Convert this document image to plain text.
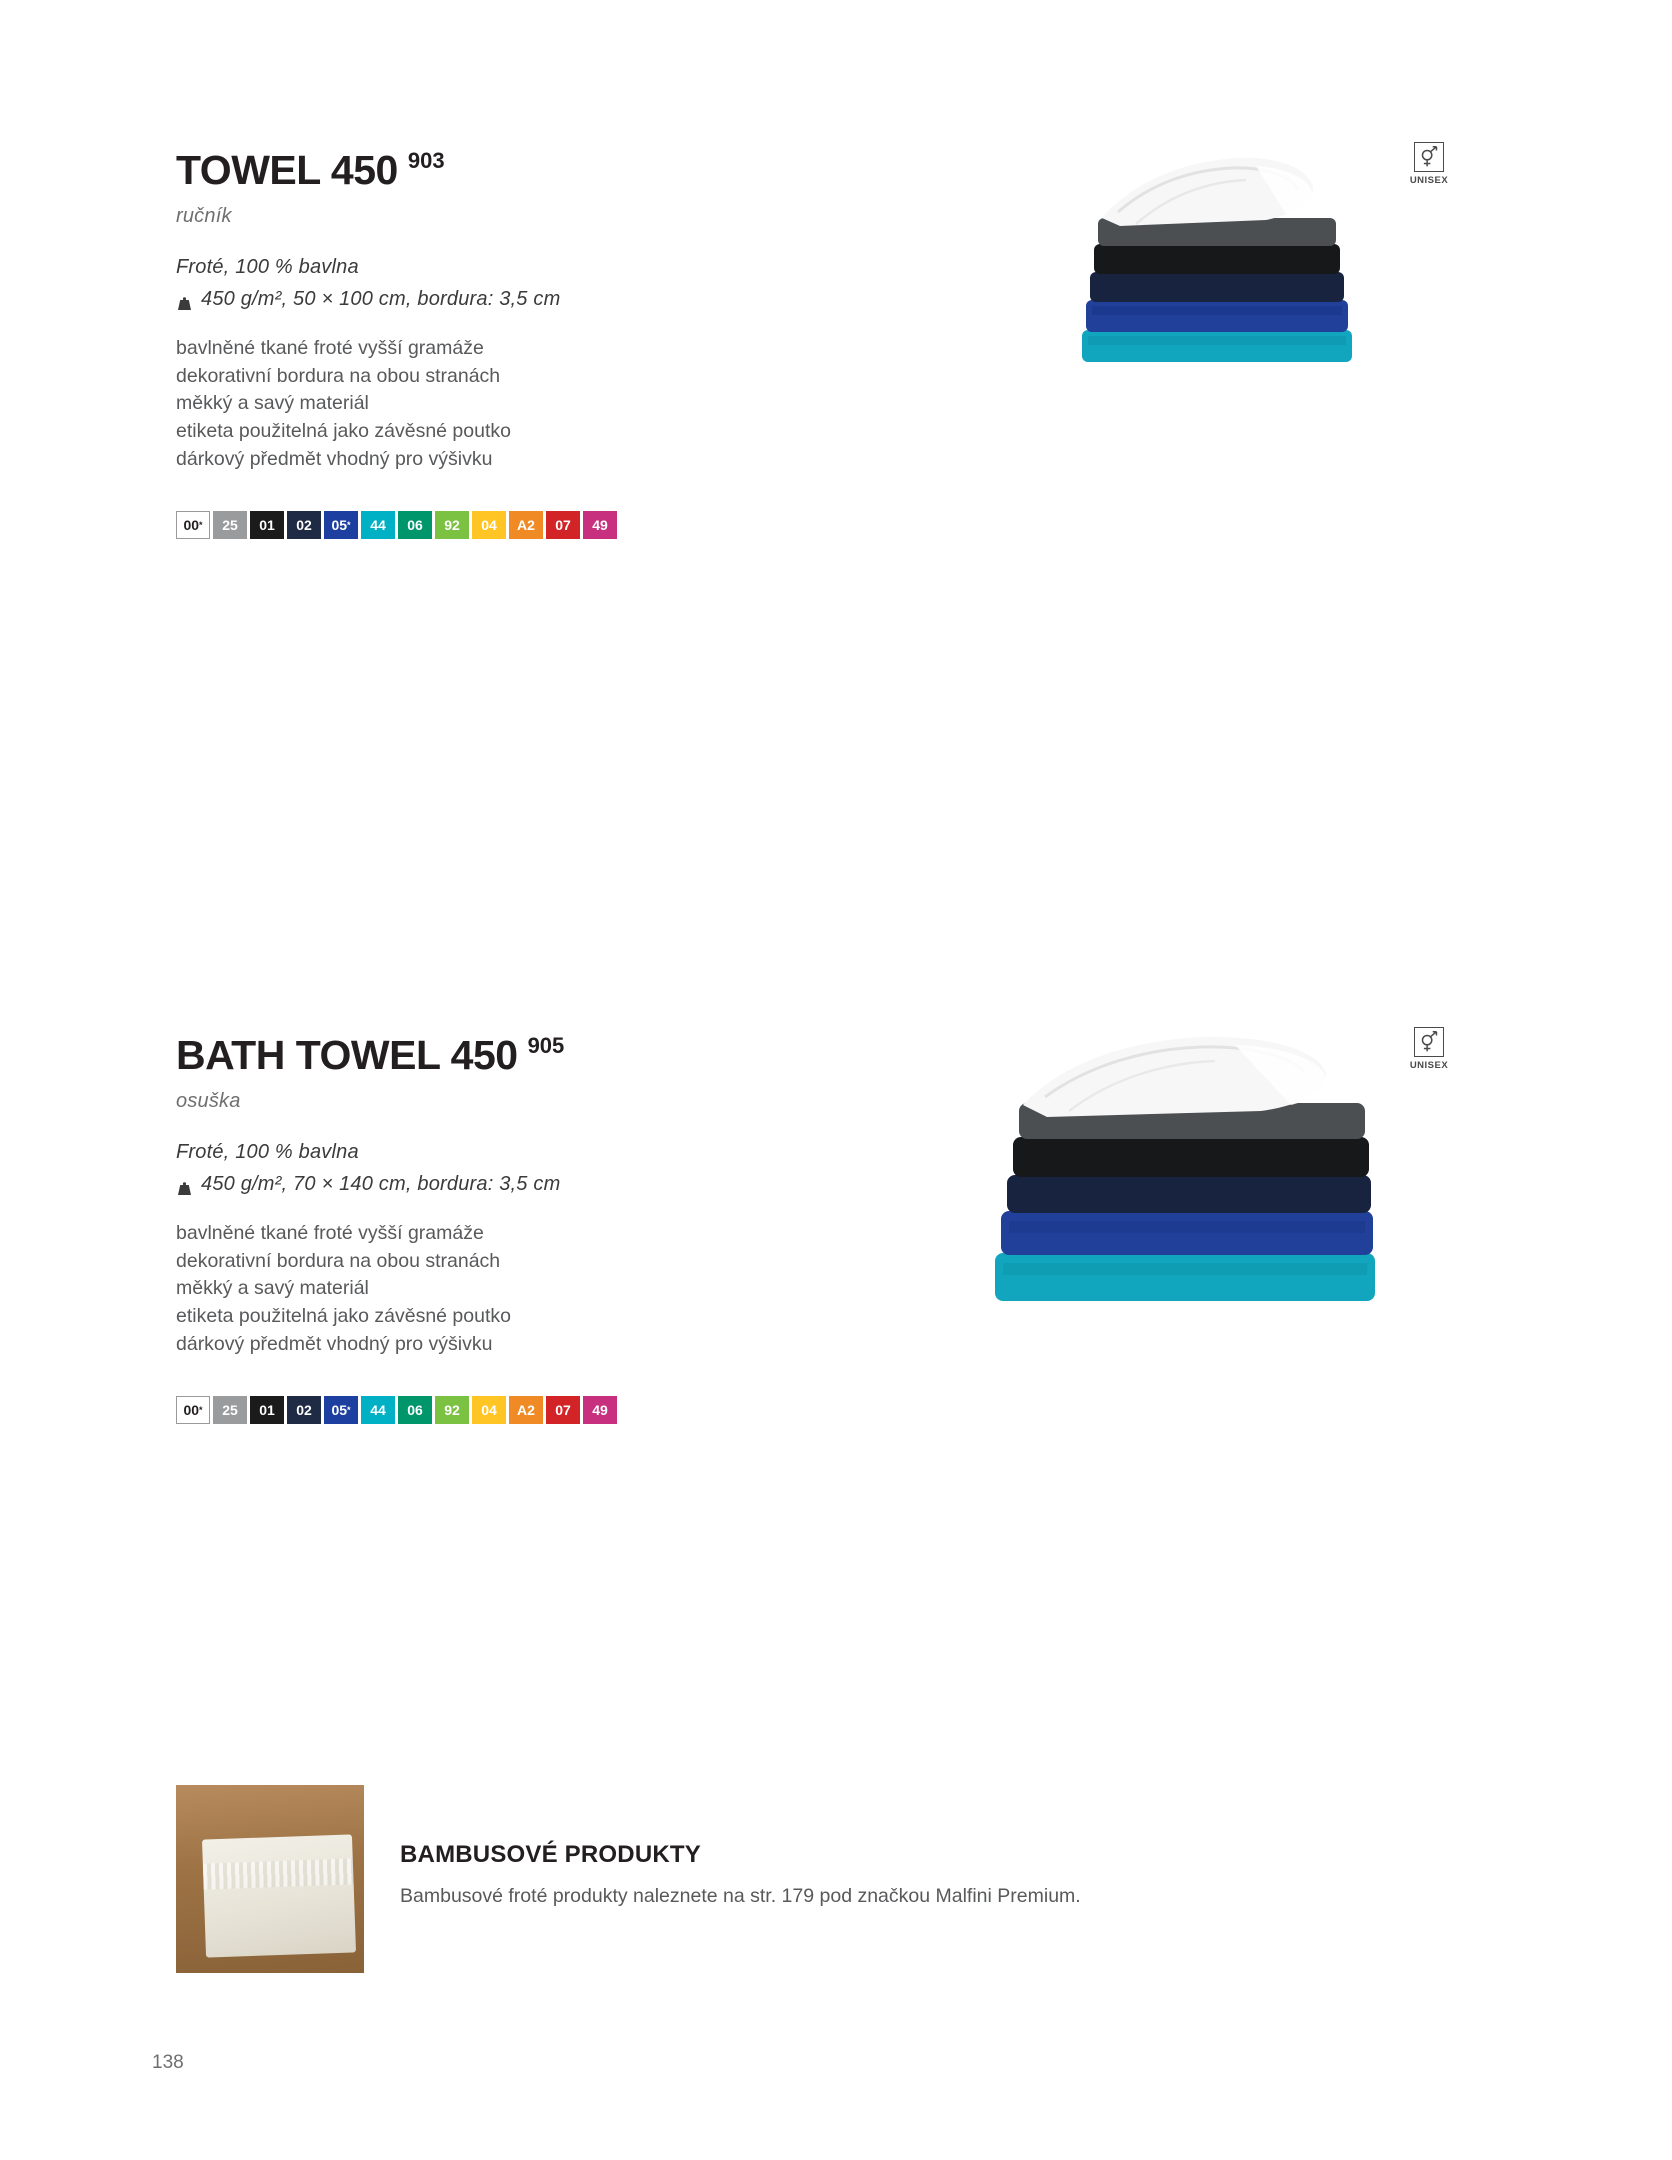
TOWEL 450 903
ručník
Froté, 100 % bavlna
450 g/m², 50 × 100 cm, bordura: 3,5 cm
bavlněné tkané froté vyšší gramáže
dekorativní bordura na obou stranách
měkký a savý materiál
etiketa použitelná jako závěsné poutko
dárkový předmět vhodný pro výšivku
00 * 25 01 02 05 * 44 06 92 04 A2 07 49
UNISEX
BATH TOWEL 450 905
osuška
Froté, 100 % bavlna
450 g/m², 70 × 140 cm, bordura: 3,5 cm
bavlněné tkané froté vyšší gramáže
dekorativní bordura na obou stranách
měkký a savý materiál
etiketa použitelná jako závěsné poutko
dárkový předmět vhodný pro výšivku
00 * 25 01 02 05 * 44 06 92 04 A2 07 49
UNISEX
BAMBUSOVÉ PRODUKTY
Bambusové froté produkty naleznete na str. 179 pod značkou Malfini Premium.
138
